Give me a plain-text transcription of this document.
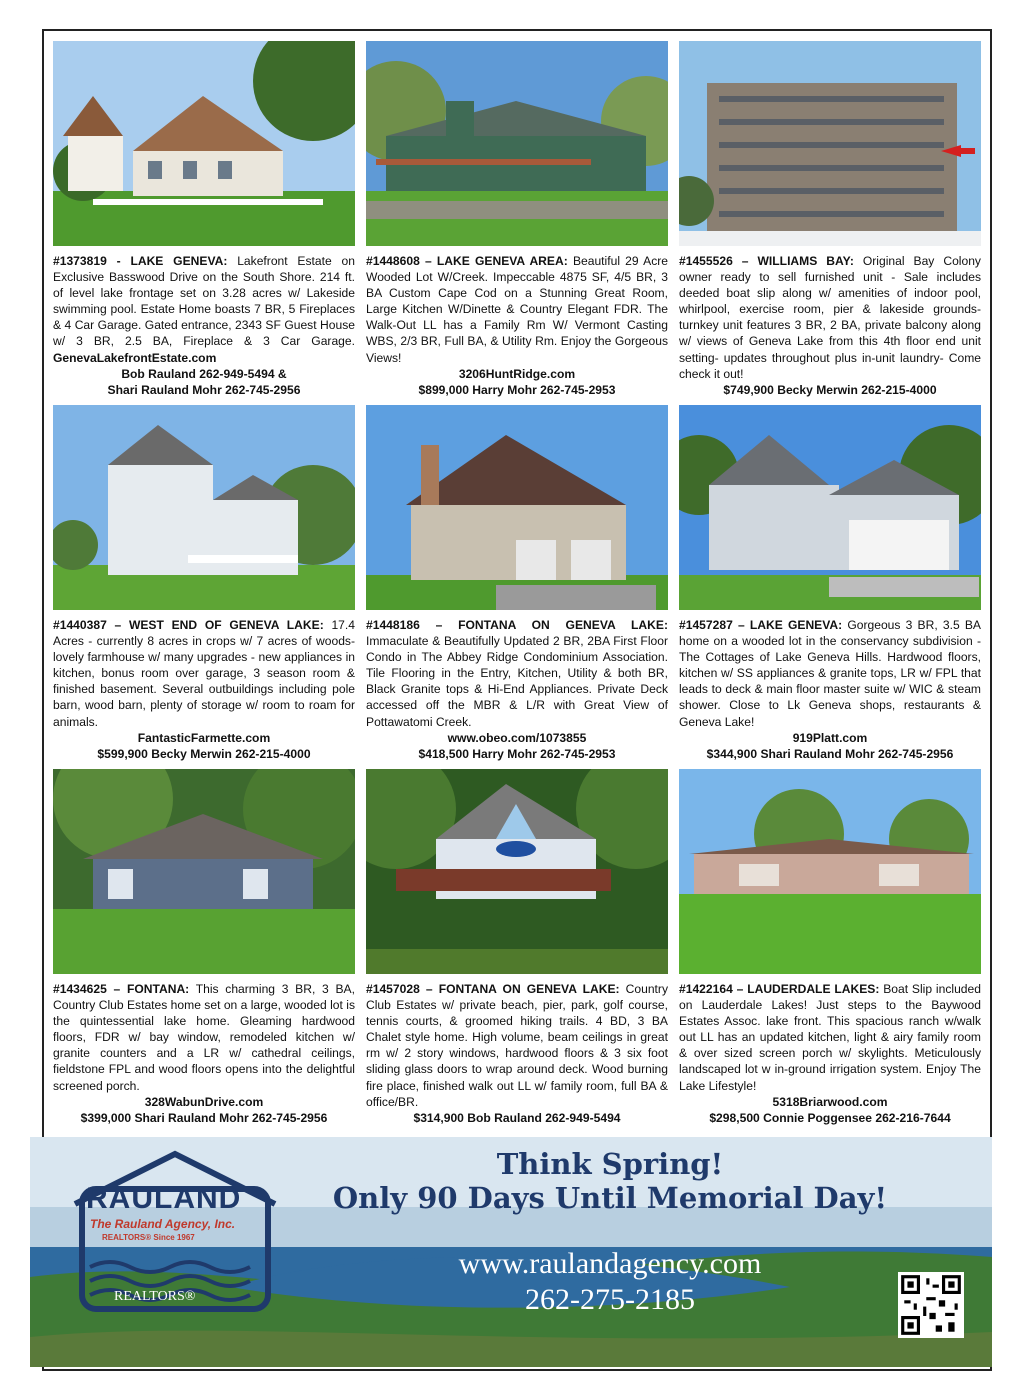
#1373819 - LAKE GENEVA: Lakefront Estate on Exclusive Basswood Drive on the South Shore. 214 ft. of level lake frontage set on 3.28 acres w/ Lakeside swimming pool. Estate Home boasts 7 BR, 5 Fireplaces & 4 Car Garage. Gated entrance, 2343 SF Guest House w/ 3 BR, 2.5 BA, Fireplace & 3 Car Garage. GenevaLakefrontEstate.com
Bob Rauland 262-949-5494 &
Shari Rauland Mohr 262-745-2956
#1448608 – LAKE GENEVA AREA: Beautiful 29 Acre Wooded Lot W/Creek. Impeccable 4875 SF, 4/5 BR, 3 BA Custom Cape Cod on a Stunning Great Room, Large Kitchen W/Dinette & Country Elegant FDR. The Walk-Out LL has a Family Rm W/ Vermont Casting WBS, 2/3 BR, Full BA, & Utility Rm. Enjoy the Gorgeous Views!
3206HuntRidge.com
$899,000 Harry Mohr 262-745-2953
#1455526 – WILLIAMS BAY: Original Bay Colony owner ready to sell furnished unit - Sale includes deeded boat slip along w/ amenities of indoor pool, whirlpool, exercise room, pier & lakeside grounds- turnkey unit features 3 BR, 2 BA, private balcony along w/ views of Geneva Lake from this 4th floor end unit setting- updates throughout plus in-unit laundry- Come check it out!
$749,900 Becky Merwin 262-215-4000
#1440387 – WEST END OF GENEVA LAKE: 17.4 Acres - currently 8 acres in crops w/ 7 acres of woods- lovely farmhouse w/ many upgrades - new appliances in kitchen, bonus room over garage, 3 season room & finished basement. Several outbuildings including pole barn, wood barn, plenty of storage w/ room to roam for animals.
FantasticFarmette.com
$599,900 Becky Merwin 262-215-4000
#1448186 – FONTANA ON GENEVA LAKE: Immaculate & Beautifully Updated 2 BR, 2BA First Floor Condo in The Abbey Ridge Condominium Association. Tile Flooring in the Entry, Kitchen, Utility & both BR, Black Granite tops & Hi-End Appliances. Private Deck accessed off the MBR & L/R with Great View of Pottawatomi Creek.
www.obeo.com/1073855
$418,500 Harry Mohr 262-745-2953
#1457287 – LAKE GENEVA: Gorgeous 3 BR, 3.5 BA home on a wooded lot in the conservancy subdivision - The Cottages of Lake Geneva Hills. Hardwood floors, kitchen w/ SS appliances & granite tops, LR w/ FPL that leads to deck & main floor master suite w/ WIC & steam shower. Close to Lk Geneva shops, restaurants & Geneva Lake!
919Platt.com
$344,900 Shari Rauland Mohr 262-745-2956
#1434625 – FONTANA: This charming 3 BR, 3 BA, Country Club Estates home set on a large, wooded lot is the quintessential lake home. Gleaming hardwood floors, FDR w/ bay window, remodeled kitchen w/ granite counters and a LR w/ cathedral ceilings, fieldstone FPL and wood floors opens into the delightful screened porch.
328WabunDrive.com
$399,000 Shari Rauland Mohr 262-745-2956
#1457028 – FONTANA ON GENEVA LAKE: Country Club Estates w/ private beach, pier, park, golf course, tennis courts, & groomed hiking trails. 4 BD, 3 BA Chalet style home. High volume, beam ceilings in great rm w/ 2 story windows, hardwood floors & 3 six foot sliding glass doors to wrap around deck. Wood burning fire place, finished walk out LL w/ family room, full BA & office/BR.
$314,900 Bob Rauland 262-949-5494
#1422164 – LAUDERDALE LAKES: Boat Slip included on Lauderdale Lakes! Just steps to the Baywood Estates Assoc. lake front. This spacious ranch w/walk out LL has an updated kitchen, light & airy family room & over sized screen porch w/ skylights. Meticulously landscaped lot w in-ground irrigation system. Enjoy The Lake Lifestyle!
5318Briarwood.com
$298,500 Connie Poggensee 262-216-7644
RAULAND
The Rauland Agency, Inc.
REALTORS® Since 1967
REALTORS®
Think Spring!
Only 90 Days Until Memorial Day!
www.raulandagency.com
262-275-2185
